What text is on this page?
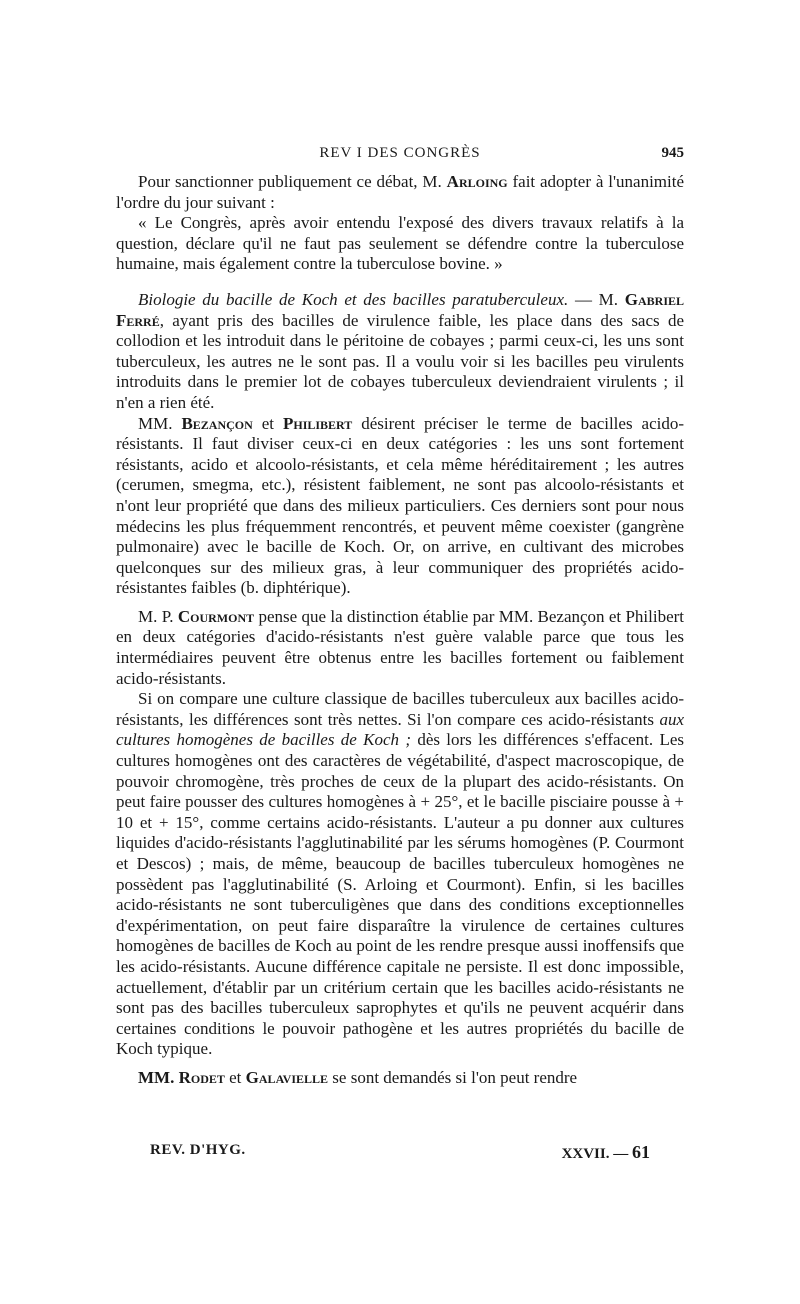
REV I DES CONGRÈS	945

Pour sanctionner publiquement ce débat, M. Arloing fait adopter à l'unanimité l'ordre du jour suivant :

« Le Congrès, après avoir entendu l'exposé des divers travaux relatifs à la question, déclare qu'il ne faut pas seulement se défendre contre la tuberculose humaine, mais également contre la tuberculose bovine. »

Biologie du bacille de Koch et des bacilles paratuberculeux. — M. Gabriel Ferré, ayant pris des bacilles de virulence faible, les place dans des sacs de collodion et les introduit dans le péritoine de cobayes ; parmi ceux-ci, les uns sont tuberculeux, les autres ne le sont pas. Il a voulu voir si les bacilles peu virulents introduits dans le premier lot de cobayes tuberculeux deviendraient virulents ; il n'en a rien été.

MM. Bezançon et Philibert désirent préciser le terme de bacilles acido-résistants. Il faut diviser ceux-ci en deux catégories : les uns sont fortement résistants, acido et alcoolo-résistants, et cela même héréditairement ; les autres (cerumen, smegma, etc.), résistent faiblement, ne sont pas alcoolo-résistants et n'ont leur propriété que dans des milieux particuliers. Ces derniers sont pour nous médecins les plus fréquemment rencontrés, et peuvent même coexister (gangrène pulmonaire) avec le bacille de Koch. Or, on arrive, en cultivant des microbes quelconques sur des milieux gras, à leur communiquer des propriétés acido-résistantes faibles (b. diphtérique).

M. P. Courmont pense que la distinction établie par MM. Bezançon et Philibert en deux catégories d'acido-résistants n'est guère valable parce que tous les intermédiaires peuvent être obtenus entre les bacilles fortement ou faiblement acido-résistants.

Si on compare une culture classique de bacilles tuberculeux aux bacilles acido-résistants, les différences sont très nettes. Si l'on compare ces acido-résistants aux cultures homogènes de bacilles de Koch ; dès lors les différences s'effacent. Les cultures homogènes ont des caractères de végétabilité, d'aspect macroscopique, de pouvoir chromogène, très proches de ceux de la plupart des acido-résistants. On peut faire pousser des cultures homogènes à + 25°, et le bacille pisciaire pousse à + 10 et + 15°, comme certains acido-résistants. L'auteur a pu donner aux cultures liquides d'acido-résistants l'agglutinabilité par les sérums homogènes (P. Courmont et Descos) ; mais, de même, beaucoup de bacilles tuberculeux homogènes ne possèdent pas l'agglutinabilité (S. Arloing et Courmont). Enfin, si les bacilles acido-résistants ne sont tuberculigènes que dans des conditions exceptionnelles d'expérimentation, on peut faire disparaître la virulence de certaines cultures homogènes de bacilles de Koch au point de les rendre presque aussi inoffensifs que les acido-résistants. Aucune différence capitale ne persiste. Il est donc impossible, actuellement, d'établir par un critérium certain que les bacilles acido-résistants ne sont pas des bacilles tuberculeux saprophytes et qu'ils ne peuvent acquérir dans certaines conditions le pouvoir pathogène et les autres propriétés du bacille de Koch typique.

MM. Rodet et Galavielle se sont demandés si l'on peut rendre

REV. D'HYG.	XXVII. — 61
